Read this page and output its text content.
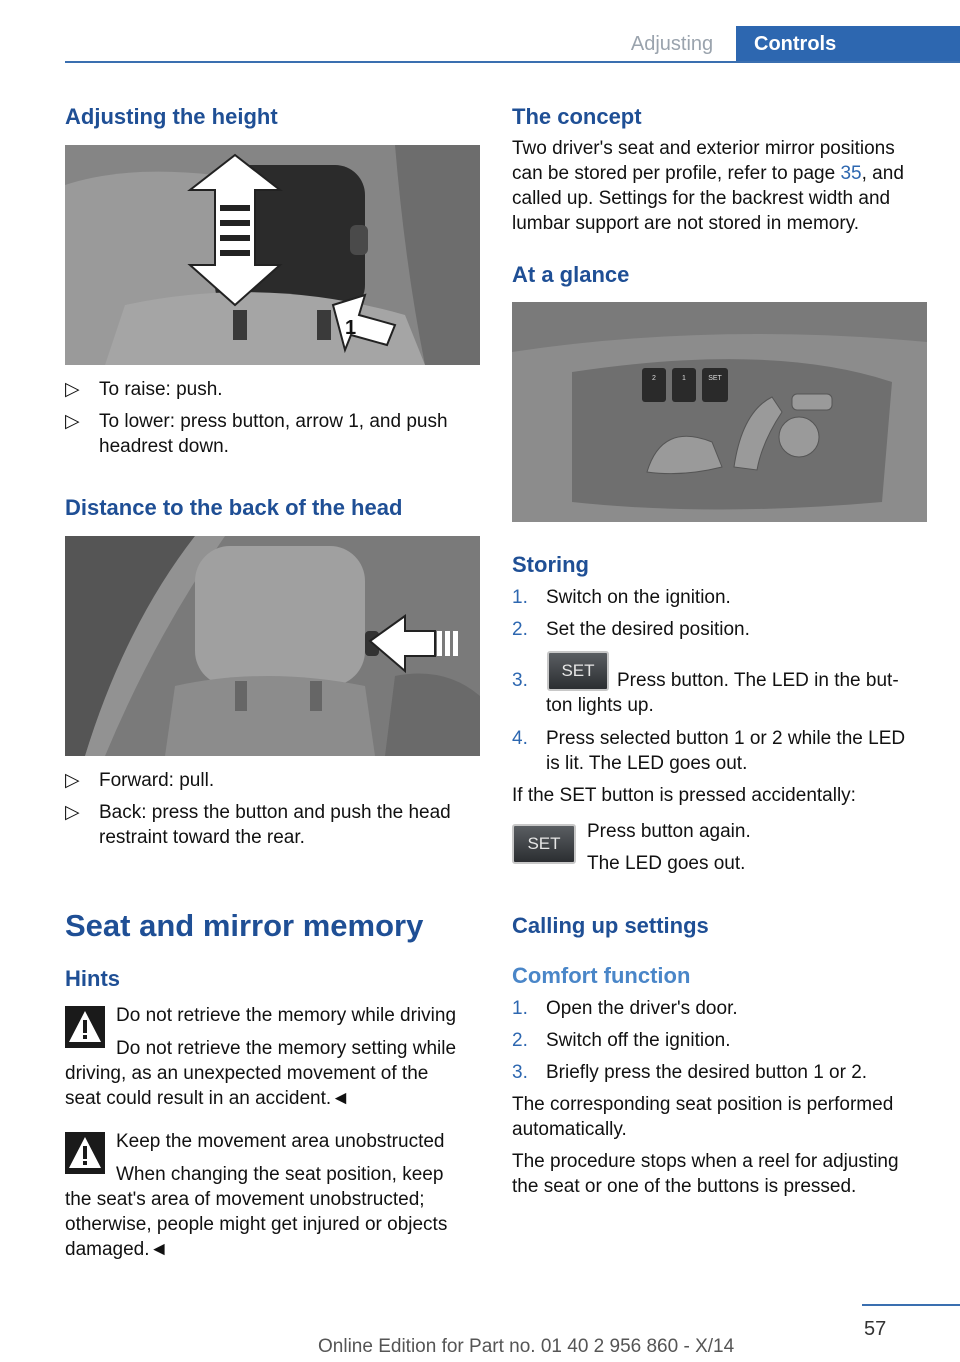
Adjusting	Controls
Adjusting the height
1
▷ To raise: push.
▷ To lower: press button, arrow 1, and push
headrest down.
Distance to the back of the head
▷ Forward: pull.
▷ Back: press the button and push the head
restraint toward the rear.
Seat and mirror memory
Hints
Do not retrieve the memory while driving
Do not retrieve the memory setting while
driving, as an unexpected movement of the
seat could result in an accident.◄
Keep the movement area unobstructed
When changing the seat position, keep
the seat's area of movement unobstructed;
otherwise, people might get injured or objects
damaged.◄
The concept
Two driver's seat and exterior mirror positions
can be stored per profile, refer to page 35, and
called up. Settings for the backrest width and
lumbar support are not stored in memory.
At a glance
2	1	SET
Storing
1. Switch on the ignition.
2. Set the desired position.
3.	Press button. The LED in the but-
ton lights up.
SET
4. Press selected button 1 or 2 while the LED
is lit. The LED goes out.
If the SET button is pressed accidentally:
SET
Press button again.
The LED goes out.
Calling up settings
Comfort function
1. Open the driver's door.
2. Switch off the ignition.
3. Briefly press the desired button 1 or 2.
The corresponding seat position is performed
automatically.
The procedure stops when a reel for adjusting
the seat or one of the buttons is pressed.
57
Online Edition for Part no. 01 40 2 956 860 - X/14
